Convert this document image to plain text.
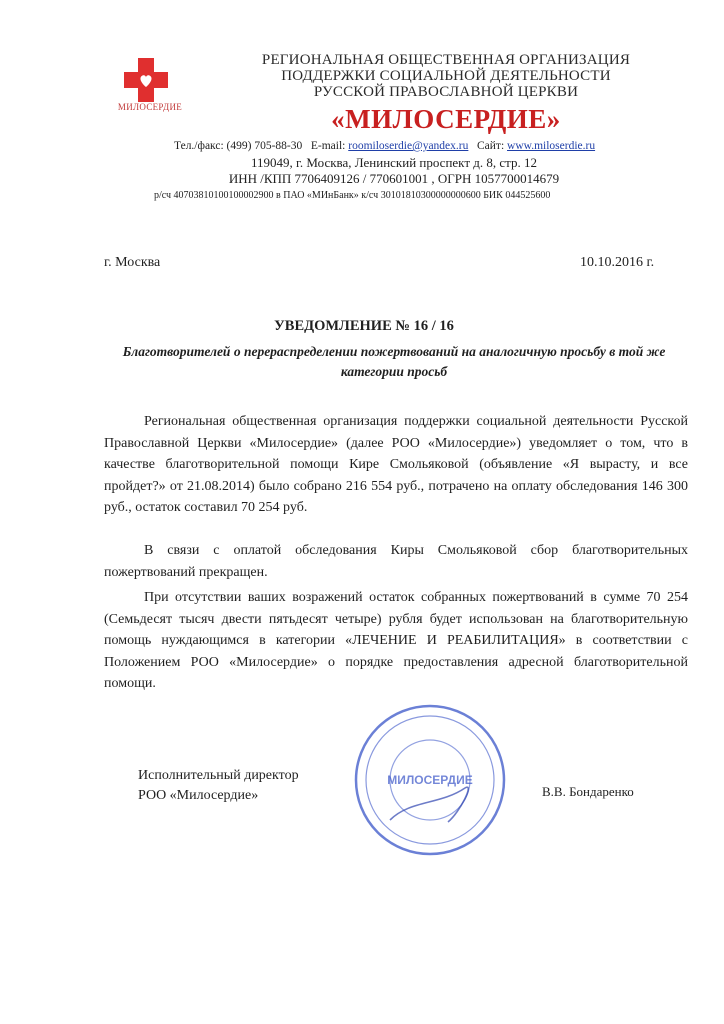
МИЛОСЕРДИЕ
РЕГИОНАЛЬНАЯ ОБЩЕСТВЕННАЯ ОРГАНИЗАЦИЯ
ПОДДЕРЖКИ СОЦИАЛЬНОЙ ДЕЯТЕЛЬНОСТИ
РУССКОЙ ПРАВОСЛАВНОЙ ЦЕРКВИ
«МИЛОСЕРДИЕ»
Тел./факс: (499) 705-88-30 E-mail: roomiloserdie@yandex.ru Сайт: www.miloserdie.ru
119049, г. Москва, Ленинский проспект д. 8, стр. 12
ИНН /КПП 7706409126 / 770601001 , ОГРН 1057700014679
р/сч 40703810100100002900 в ПАО «МИнБанк» к/сч 30101810300000000600 БИК 044525600
г. Москва	10.10.2016 г.
УВЕДОМЛЕНИЕ № 16 / 16
Благотворителей о перераспределении пожертвований на аналогичную просьбу в той же категории просьб
Региональная общественная организация поддержки социальной деятельности Русской Православной Церкви «Милосердие» (далее РОО «Милосердие») уведомляет о том, что в качестве благотворительной помощи Кире Смольяковой (объявление «Я вырасту, и все пройдет?» от 21.08.2014) было собрано 216 554 руб., потрачено на оплату обследования 146 300 руб., остаток составил 70 254 руб.
В связи с оплатой обследования Киры Смольяковой сбор благотворительных пожертвований прекращен.
При отсутствии ваших возражений остаток собранных пожертвований в сумме 70 254 (Семьдесят тысяч двести пятьдесят четыре) рубля будет использован на благотворительную помощь нуждающимся в категории «ЛЕЧЕНИЕ И РЕАБИЛИТАЦИЯ» в соответствии с Положением РОО «Милосердие» о порядке предоставления адресной благотворительной помощи.
МИЛОСЕРДИЕ
Исполнительный директор
РОО «Милосердие»	В.В. Бондаренко
